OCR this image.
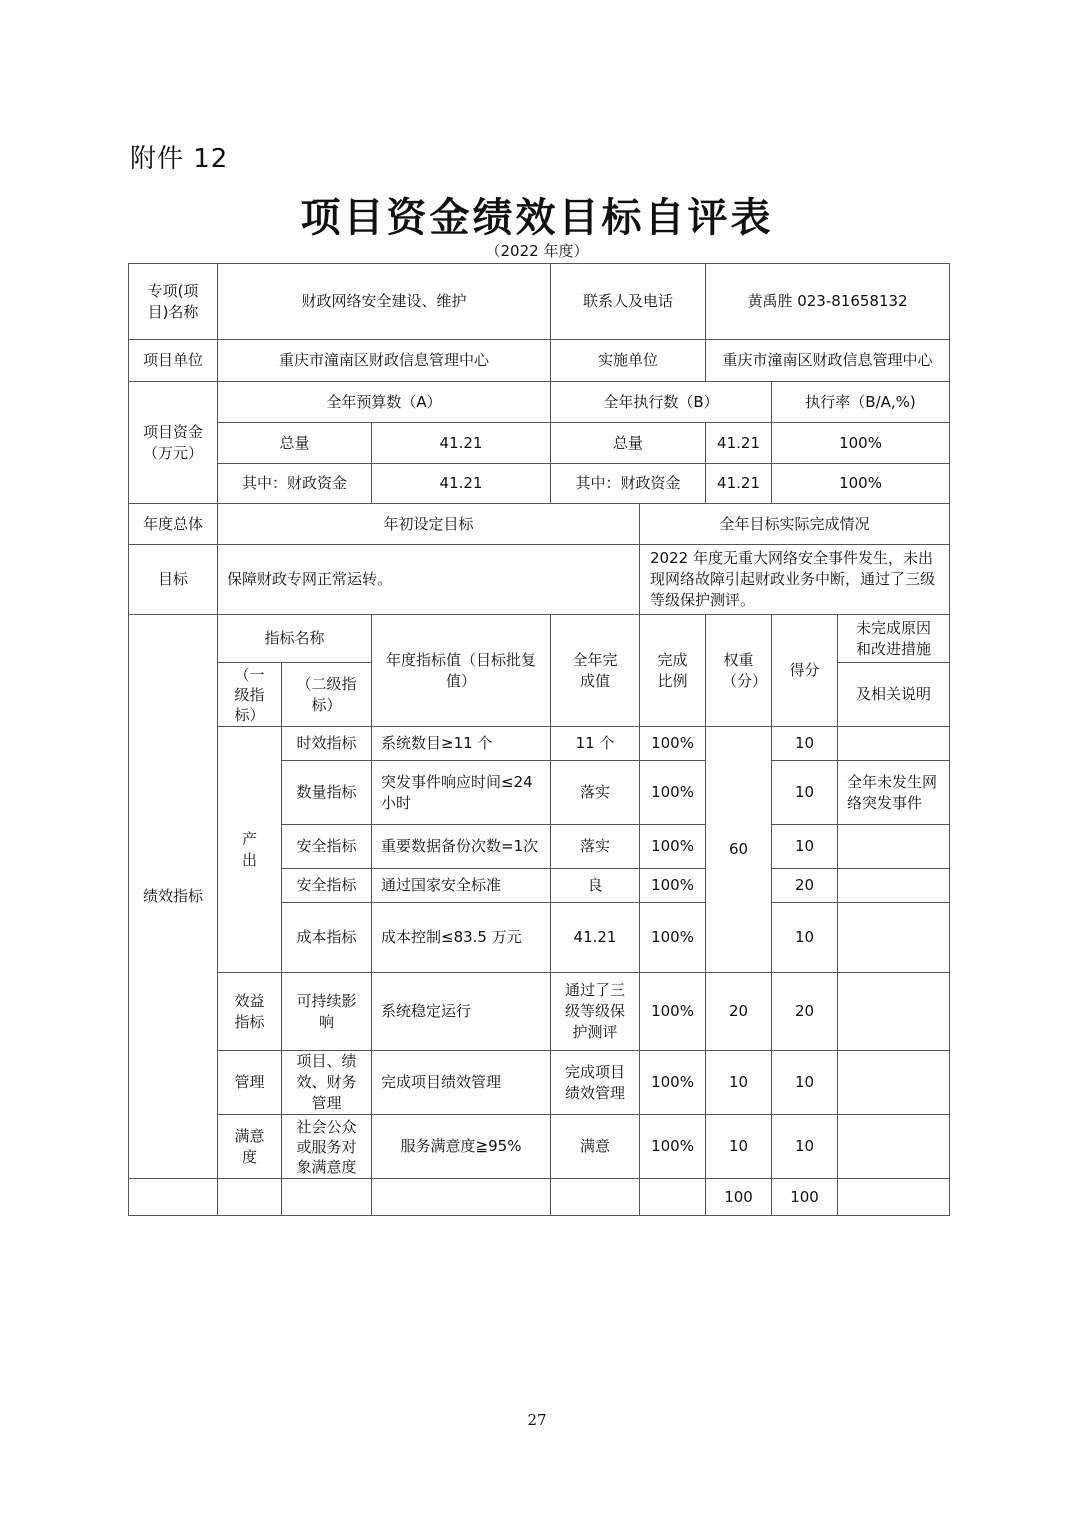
附件 12
项目资金绩效目标自评表
（2022 年度）
专项(项目)名称	财政网络安全建设、维护			联系人及电话		黄禹胜 023-81658132		
项目单位	重庆市潼南区财政信息管理中心			实施单位		重庆市潼南区财政信息管理中心		
项目资金（万元）	全年预算数（A）			全年执行数（B）			执行率（B/A,%)	
	总量		41.21	总量		41.21	100%	
	其中：财政资金		41.21	其中：财政资金		41.21	100%	
年度总体	年初设定目标				全年目标实际完成情况			
目标	保障财政专网正常运转。				2022 年度无重大网络安全事件发生，未出现网络故障引起财政业务中断，通过了三级等级保护测评。			
绩效指标	指标名称		年度指标值（目标批复值）	全年完成值	完成比例	权重（分）	得分	未完成原因和改进措施
	（一级指标）	（二级指标）						及相关说明
	产出	时效指标	系统数目≥11 个	11 个	100%	60	10	
		数量指标	突发事件响应时间≤24小时	落实	100%		10	全年未发生网络突发事件
		安全指标	重要数据备份次数=1次	落实	100%		10	
		安全指标	通过国家安全标准	良	100%		20	
		成本指标	成本控制≤83.5 万元	41.21	100%		10	
	效益指标	可持续影响	系统稳定运行	通过了三级等级保护测评	100%	20	20	
	管理	项目、绩效、财务管理	完成项目绩效管理	完成项目绩效管理	100%	10	10	
	满意度	社会公众或服务对象满意度	服务满意度≧95%	满意	100%	10	10	
						100	100	
27
